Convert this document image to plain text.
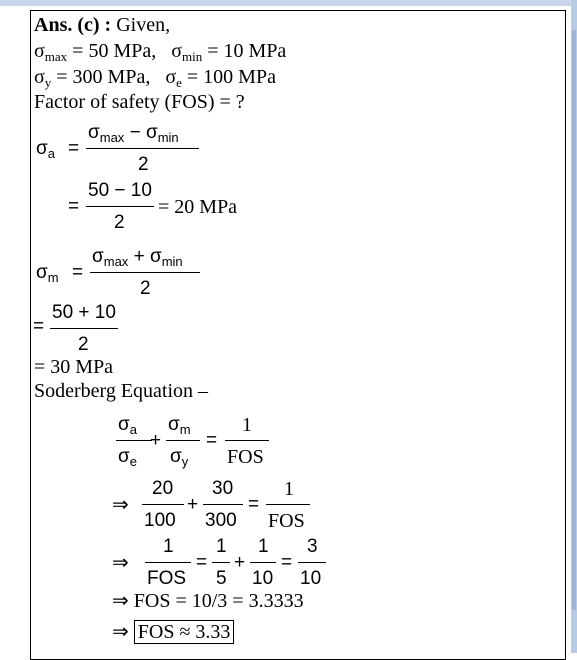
Ans. (c) : Given,
$\sigma_{max} = 50$ MPa, $\sigma_{min} = 10$ MPa
$\sigma_y = 300$ MPa, $\sigma_e = 100$ MPa
Factor of safety (FOS) = ?
$\sigma_a$ =
$\sigma_{max} - \sigma_{min}$
2
=
50 − 10
2
= 20 MPa
$\sigma_m$ =
$\sigma_{max} + \sigma_{min}$
2
=
50 + 10
2
= 30 MPa
Soderberg Equation –
$\sigma_a$
$\sigma_e$
+
$\sigma_m$
$\sigma_y$
=
1
FOS
⇒
20
100
+
30
300
=
1
FOS
⇒
1
FOS
=
1
5
+
1
10
=
3
10
⇒ FOS = 10/3 = 3.3333
⇒ FOS ≈ 3.33
